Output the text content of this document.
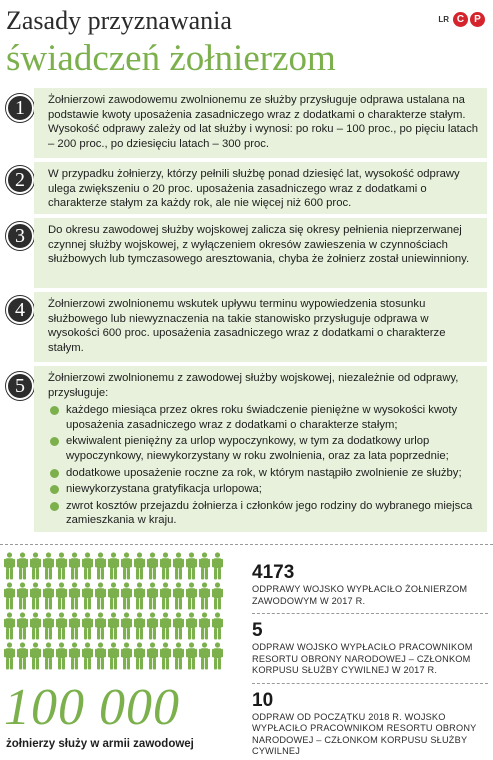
Zasady przyznawania
świadczeń żołnierzom
LR C	P
1	Żołnierzowi zawodowemu zwolnionemu ze służby przysługuje odprawa ustalana na podstawie kwoty uposażenia zasadniczego wraz z dodatkami o charakterze stałym. Wysokość odprawy zależy od lat służby i wynosi: po roku – 100 proc., po pięciu latach – 200 proc., po dziesięciu latach – 300 proc.

2	W przypadku żołnierzy, którzy pełnili służbę ponad dziesięć lat, wysokość odprawy ulega zwiększeniu o 20 proc. uposażenia zasadniczego wraz z dodatkami o charakterze stałym za każdy rok, ale nie więcej niż 600 proc.

3	Do okresu zawodowej służby wojskowej zalicza się okresy pełnienia nieprzerwanej czynnej służby wojskowej, z wyłączeniem okresów zawieszenia w czynnościach służbowych lub tymczasowego aresztowania, chyba że żołnierz został uniewinniony.

4	Żołnierzowi zwolnionemu wskutek upływu terminu wypowiedzenia stosunku służbowego lub niewyznaczenia na takie stanowisko przysługuje odprawa w wysokości 600 proc. uposażenia zasadniczego wraz z dodatkami o charakterze stałym.

5	Żołnierzowi zwolnionemu z zawodowej służby wojskowej, niezależnie od odprawy, przysługuje:

każdego miesiąca przez okres roku świadczenie pieniężne w wysokości kwoty uposażenia zasadniczego wraz z dodatkami o charakterze stałym;
ekwiwalent pieniężny za urlop wypoczynkowy, w tym za dodatkowy urlop wypoczynkowy, niewykorzystany w roku zwolnienia, oraz za lata poprzednie;
dodatkowe uposażenie roczne za rok, w którym nastąpiło zwolnienie ze służby;
niewykorzystana gratyfikacja urlopowa;
zwrot kosztów przejazdu żołnierza i członków jego rodziny do wybranego miejsca zamieszkania w kraju.
100 000
żołnierzy służy w armii zawodowej
4173
ODPRAWY WOJSKO WYPŁACIŁO ŻOŁNIERZOM ZAWODOWYM W 2017 R.
5
ODPRAW WOJSKO WYPŁACIŁO PRACOWNIKOM RESORTU OBRONY NARODOWEJ – CZŁONKOM KORPUSU SŁUŻBY CYWILNEJ W 2017 R.
10
ODPRAW OD POCZĄTKU 2018 R. WOJSKO WYPŁACIŁO PRACOWNIKOM RESORTU OBRONY NARODOWEJ – CZŁONKOM KORPUSU SŁUŻBY CYWILNEJ
